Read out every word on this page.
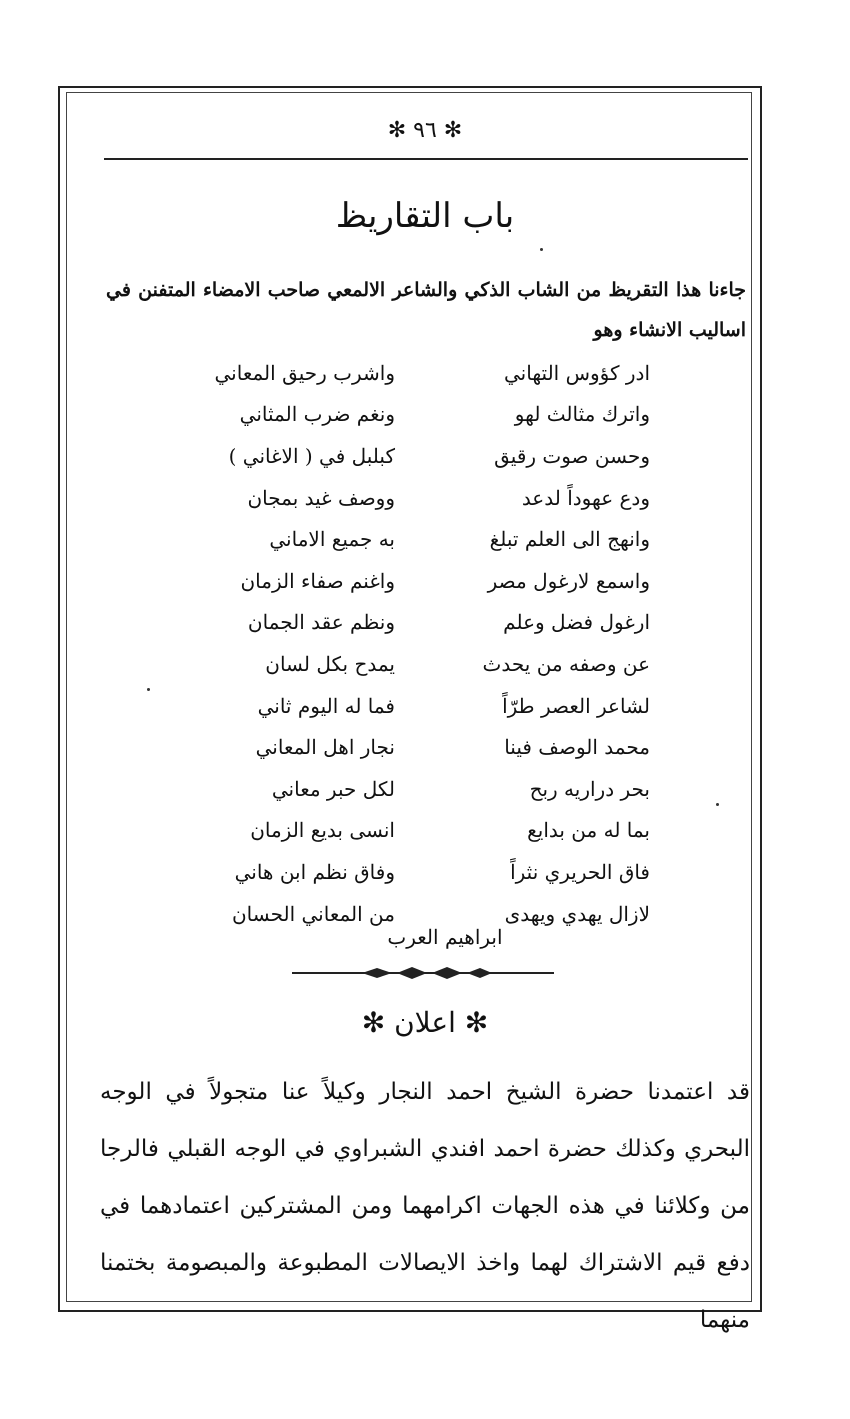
✻ ٩٦ ✻
باب التقاريظ
جاءنا هذا التقريظ من الشاب الذكي والشاعر الالمعي صاحب الامضاء المتفنن في اساليب الانشاء وهو
ادر كؤوس التهاني
واشرب رحيق المعاني
واترك مثالث لهو
ونغم ضرب المثاني
وحسن صوت رقيق
كبلبل في ( الاغاني )
ودع عهوداً لدعد
ووصف غيد بمجان
وانهج الى العلم تبلغ
به جميع الاماني
واسمع لارغول مصر
واغنم صفاء الزمان
ارغول فضل وعلم
ونظم عقد الجمان
عن وصفه من يحدث
يمدح بكل لسان
لشاعر العصر طرّاً
فما له اليوم ثاني
محمد الوصف فينا
نجار اهل المعاني
بحر دراريه ربح
لكل حبر معاني
بما له من بدايع
انسى بديع الزمان
فاق الحريري نثراً
وفاق نظم ابن هاني
لازال يهدي ويهدى
من المعاني الحسان
ابراهيم العرب
✻ اعلان ✻
قد اعتمدنا حضرة الشيخ احمد النجار وكيلاً عنا متجولاً في الوجه البحري وكذلك حضرة احمد افندي الشبراوي في الوجه القبلي فالرجا من وكلائنا في هذه الجهات اكرامهما ومن المشتركين اعتمادهما في دفع قيم الاشتراك لهما واخذ الايصالات المطبوعة والمبصومة بختمنا منهما
